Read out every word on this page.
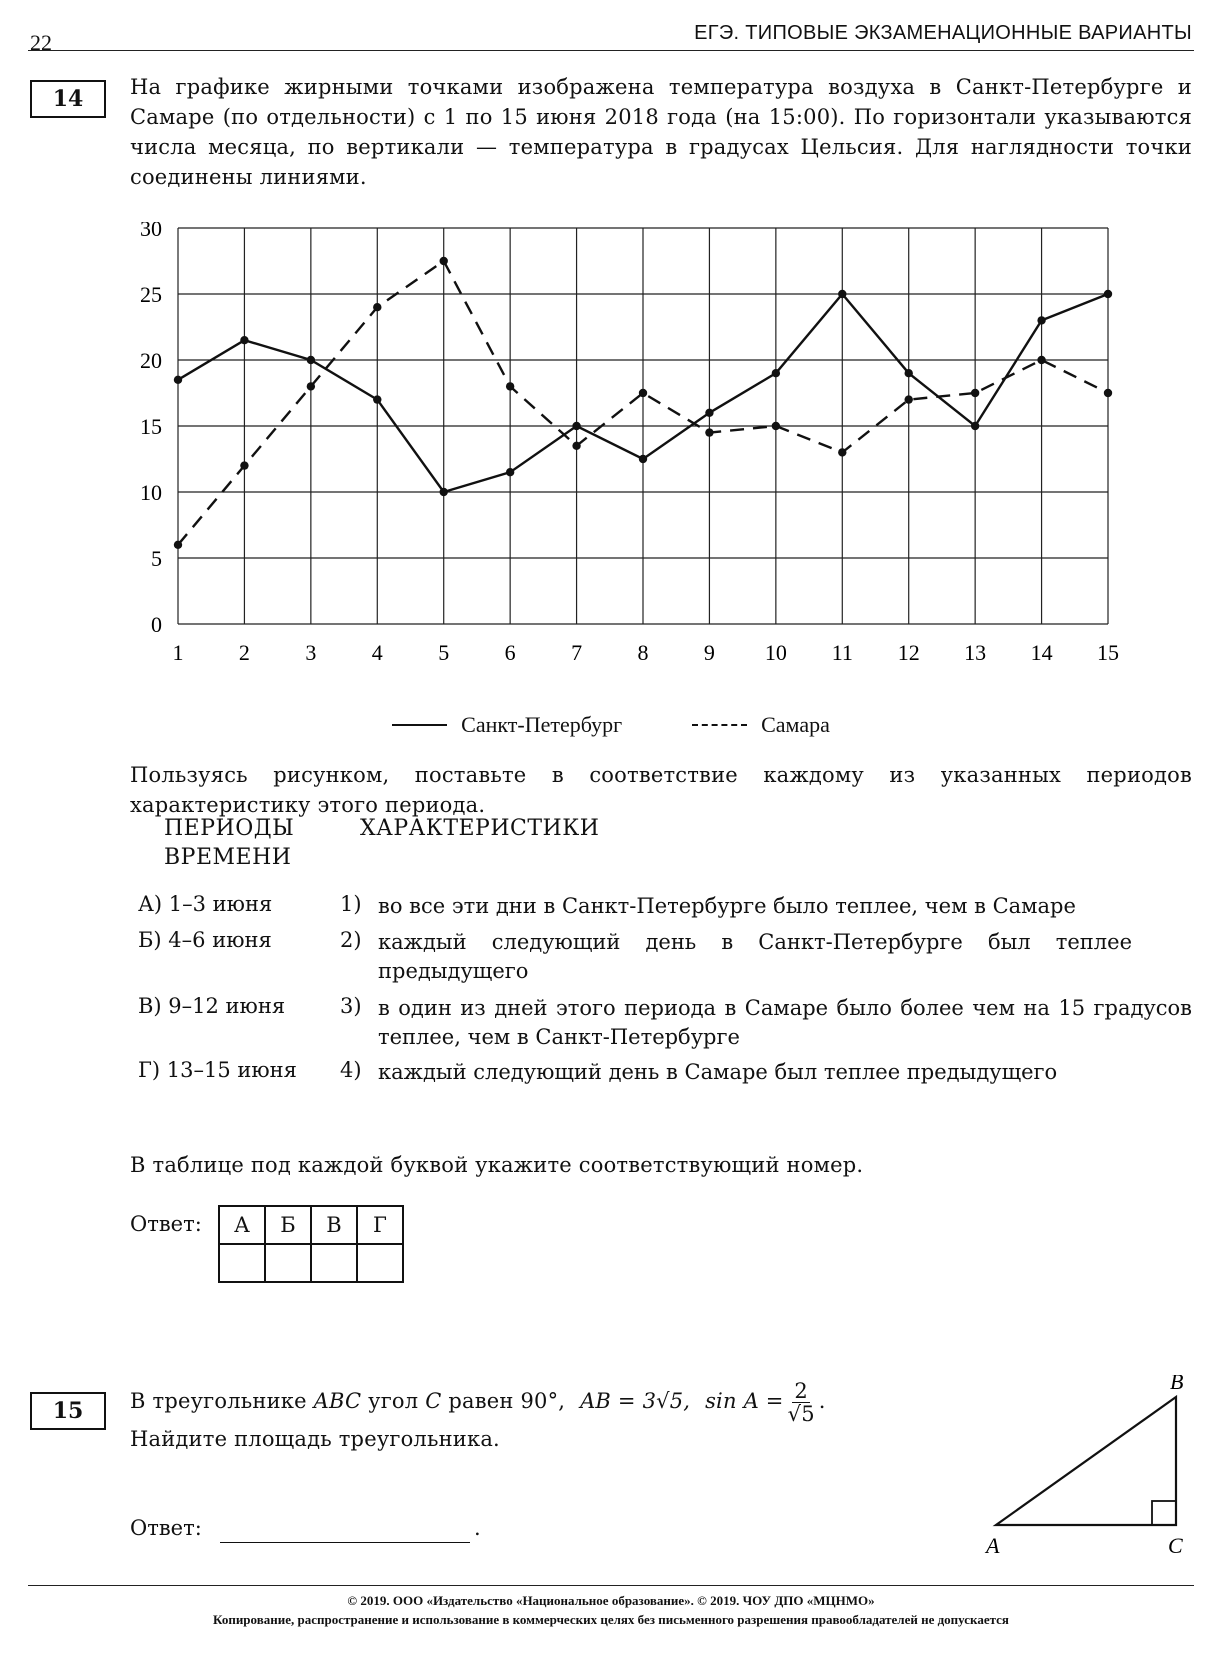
22	ЕГЭ. ТИПОВЫЕ ЭКЗАМЕНАЦИОННЫЕ ВАРИАНТЫ
14	На графике жирными точками изображена температура воздуха в Санкт-Петербурге и Самаре (по отдельности) с 1 по 15 июня 2018 года (на 15:00). По горизонтали указываются числа месяца, по вертикали — температура в градусах Цельсия. Для наглядности точки соединены линиями.
0
5
10
15
20
25
30
1	2	3	4	5	6	7	8	9 10 11 12 13 14 15
Санкт-Петербург	Самара
Пользуясь рисунком, поставьте в соответствие каждому из указанных периодов характеристику этого периода.
ПЕРИОДЫ ВРЕМЕНИ
ХАРАКТЕРИСТИКИ
А) 1–3 июня	1) во все эти дни в Санкт-Петербурге было теплее, чем в Самаре
Б) 4–6 июня	2) каждый следующий день в Санкт-Петербурге был теплее предыдущего
В) 9–12 июня	3) в один из дней этого периода в Самаре было более чем на 15 градусов теплее, чем в Санкт-Петербурге
Г) 13–15 июня	4) каждый следующий день в Самаре был теплее предыдущего
В таблице под каждой буквой укажите соответствующий номер.
Ответ: А	Б	В	Г

15	В треугольнике ABC угол C равен 90°, AB = 3√5, $\sin A = \frac{2}{√5}$ .
Найдите площадь треугольника.
A	C
B
Ответ:	.
© 2019. ООО «Издательство «Национальное образование». © 2019. ЧОУ ДПО «МЦНМО»
Копирование, распространение и использование в коммерческих целях без письменного разрешения правообладателей не допускается
